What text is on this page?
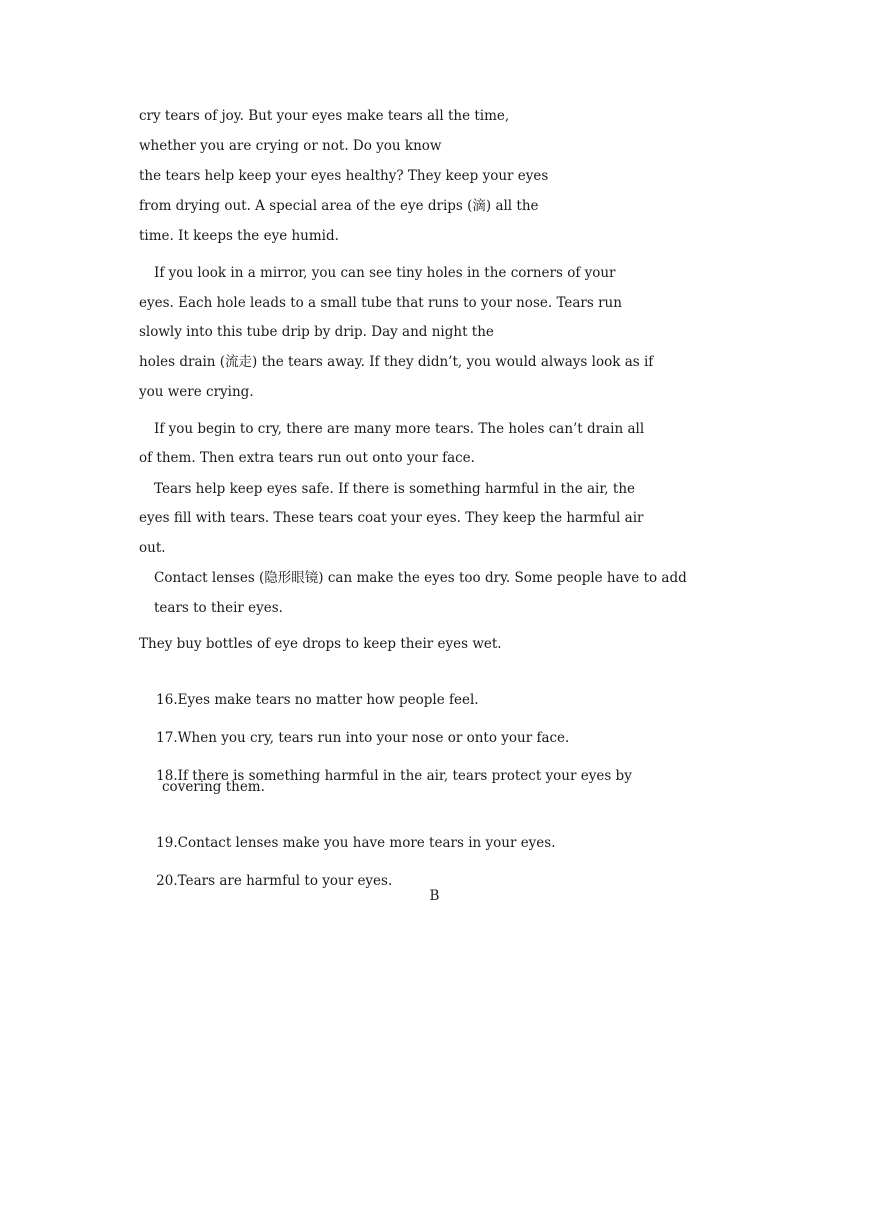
cry tears of joy. But your eyes make tears all the time,
whether you are crying or not. Do you know
the tears help keep your eyes healthy? They keep your eyes
from drying out. A special area of the eye drips (滴) all the
time. It keeps the eye humid.
If you look in a mirror, you can see tiny holes in the corners of your
eyes. Each hole leads to a small tube that runs to your nose. Tears run
slowly into this tube drip by drip. Day and night the
holes drain (流走) the tears away. If they didn’t, you would always look as if
you were crying.
If you begin to cry, there are many more tears. The holes can’t drain all
of them. Then extra tears run out onto your face.
Tears help keep eyes safe. If there is something harmful in the air, the
eyes fill with tears. These tears coat your eyes. They keep the harmful air
out.
Contact lenses (隐形眼镜) can make the eyes too dry. Some people have to add
tears to their eyes.
They buy bottles of eye drops to keep their eyes wet.

16.Eyes make tears no matter how people feel.

17.When you cry, tears run into your nose or onto your face.

18.If there is something harmful in the air, tears protect your eyes by

covering them.

19.Contact lenses make you have more tears in your eyes.

20.Tears are harmful to your eyes.

B
